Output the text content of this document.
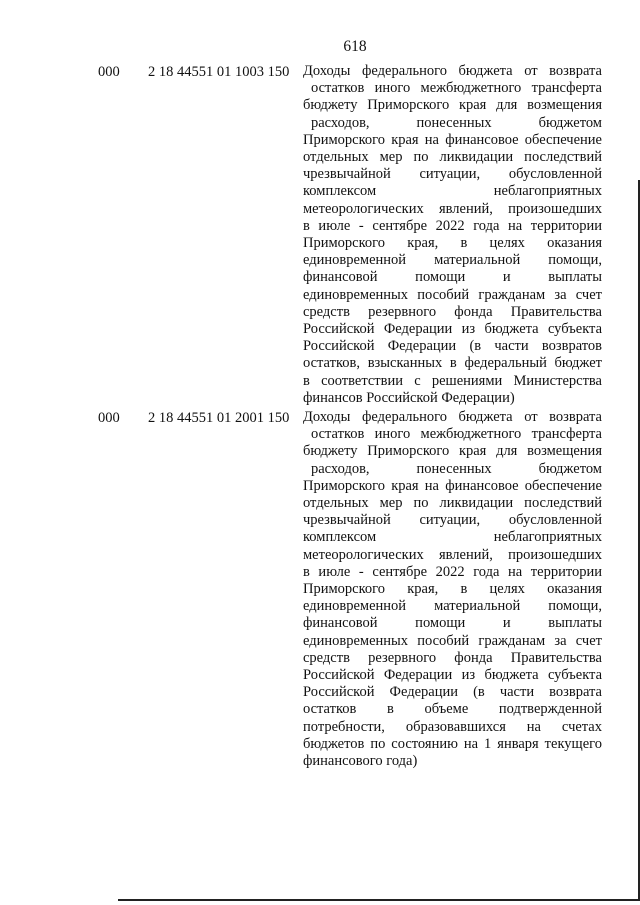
618
000 2 18 44551 01 1003 150 Доходы федерального бюджета от возврата
остатков иного межбюджетного трансферта
бюджету Приморского края для возмещения
расходов, понесенных бюджетом
Приморского края на финансовое обеспечение
отдельных мер по ликвидации последствий
чрезвычайной ситуации, обусловленной
комплексом неблагоприятных
метеорологических явлений, произошедших
в июле - сентябре 2022 года на территории
Приморского края, в целях оказания
единовременной материальной помощи,
финансовой помощи и выплаты
единовременных пособий гражданам за счет
средств резервного фонда Правительства
Российской Федерации из бюджета субъекта
Российской Федерации (в части возвратов
остатков, взысканных в федеральный бюджет
в соответствии с решениями Министерства
финансов Российской Федерации)
000 2 18 44551 01 2001 150 Доходы федерального бюджета от возврата
остатков иного межбюджетного трансферта
бюджету Приморского края для возмещения
расходов, понесенных бюджетом
Приморского края на финансовое обеспечение
отдельных мер по ликвидации последствий
чрезвычайной ситуации, обусловленной
комплексом неблагоприятных
метеорологических явлений, произошедших
в июле - сентябре 2022 года на территории
Приморского края, в целях оказания
единовременной материальной помощи,
финансовой помощи и выплаты
единовременных пособий гражданам за счет
средств резервного фонда Правительства
Российской Федерации из бюджета субъекта
Российской Федерации (в части возврата
остатков в объеме подтвержденной
потребности, образовавшихся на счетах
бюджетов по состоянию на 1 января текущего
финансового года)
